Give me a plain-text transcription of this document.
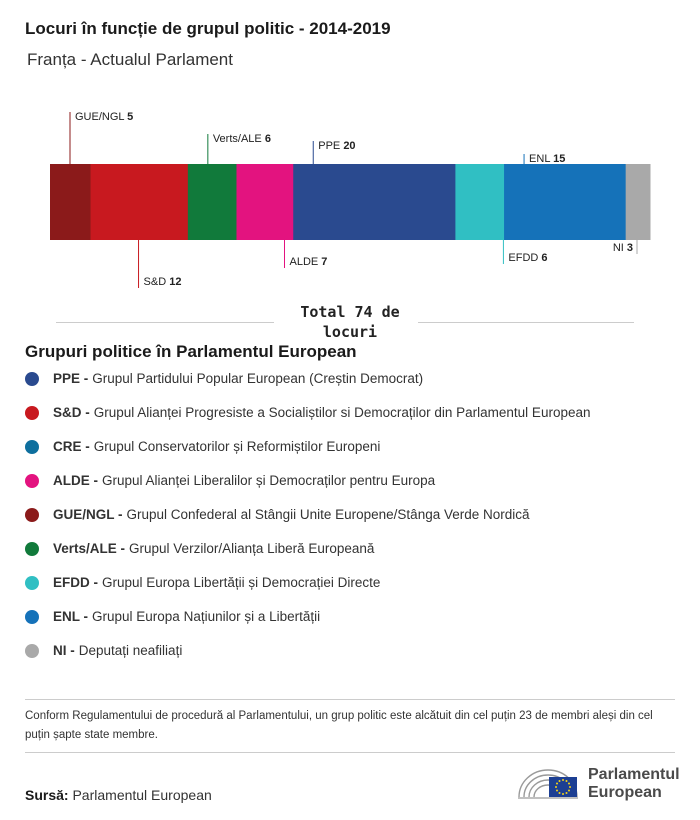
Locuri în funcție de grupul politic - 2014-2019
Franța - Actualul Parlament
GUE/NGL 5
S&D 12
Verts/ALE 6
ALDE 7
PPE 20
EFDD 6
ENL 15
NI 3
Total 74 de locuri
Grupuri politice în Parlamentul European
PPE - Grupul Partidului Popular European (Creștin Democrat)
S&D - Grupul Alianței Progresiste a Socialiștilor si Democraților din Parlamentul European
CRE - Grupul Conservatorilor și Reformiștilor Europeni
ALDE - Grupul Alianței Liberalilor și Democraților pentru Europa
GUE/NGL - Grupul Confederal al Stângii Unite Europene/Stânga Verde Nordică
Verts/ALE - Grupul Verzilor/Alianța Liberă Europeană
EFDD - Grupul Europa Libertății și Democrației Directe
ENL - Grupul Europa Națiunilor și a Libertății
NI - Deputați neafiliați
Conform Regulamentului de procedură al Parlamentului, un grup politic este alcătuit din cel puțin 23 de membri aleși din cel puțin șapte state membre.
Sursă: Parlamentul European
Parlamentul
European
